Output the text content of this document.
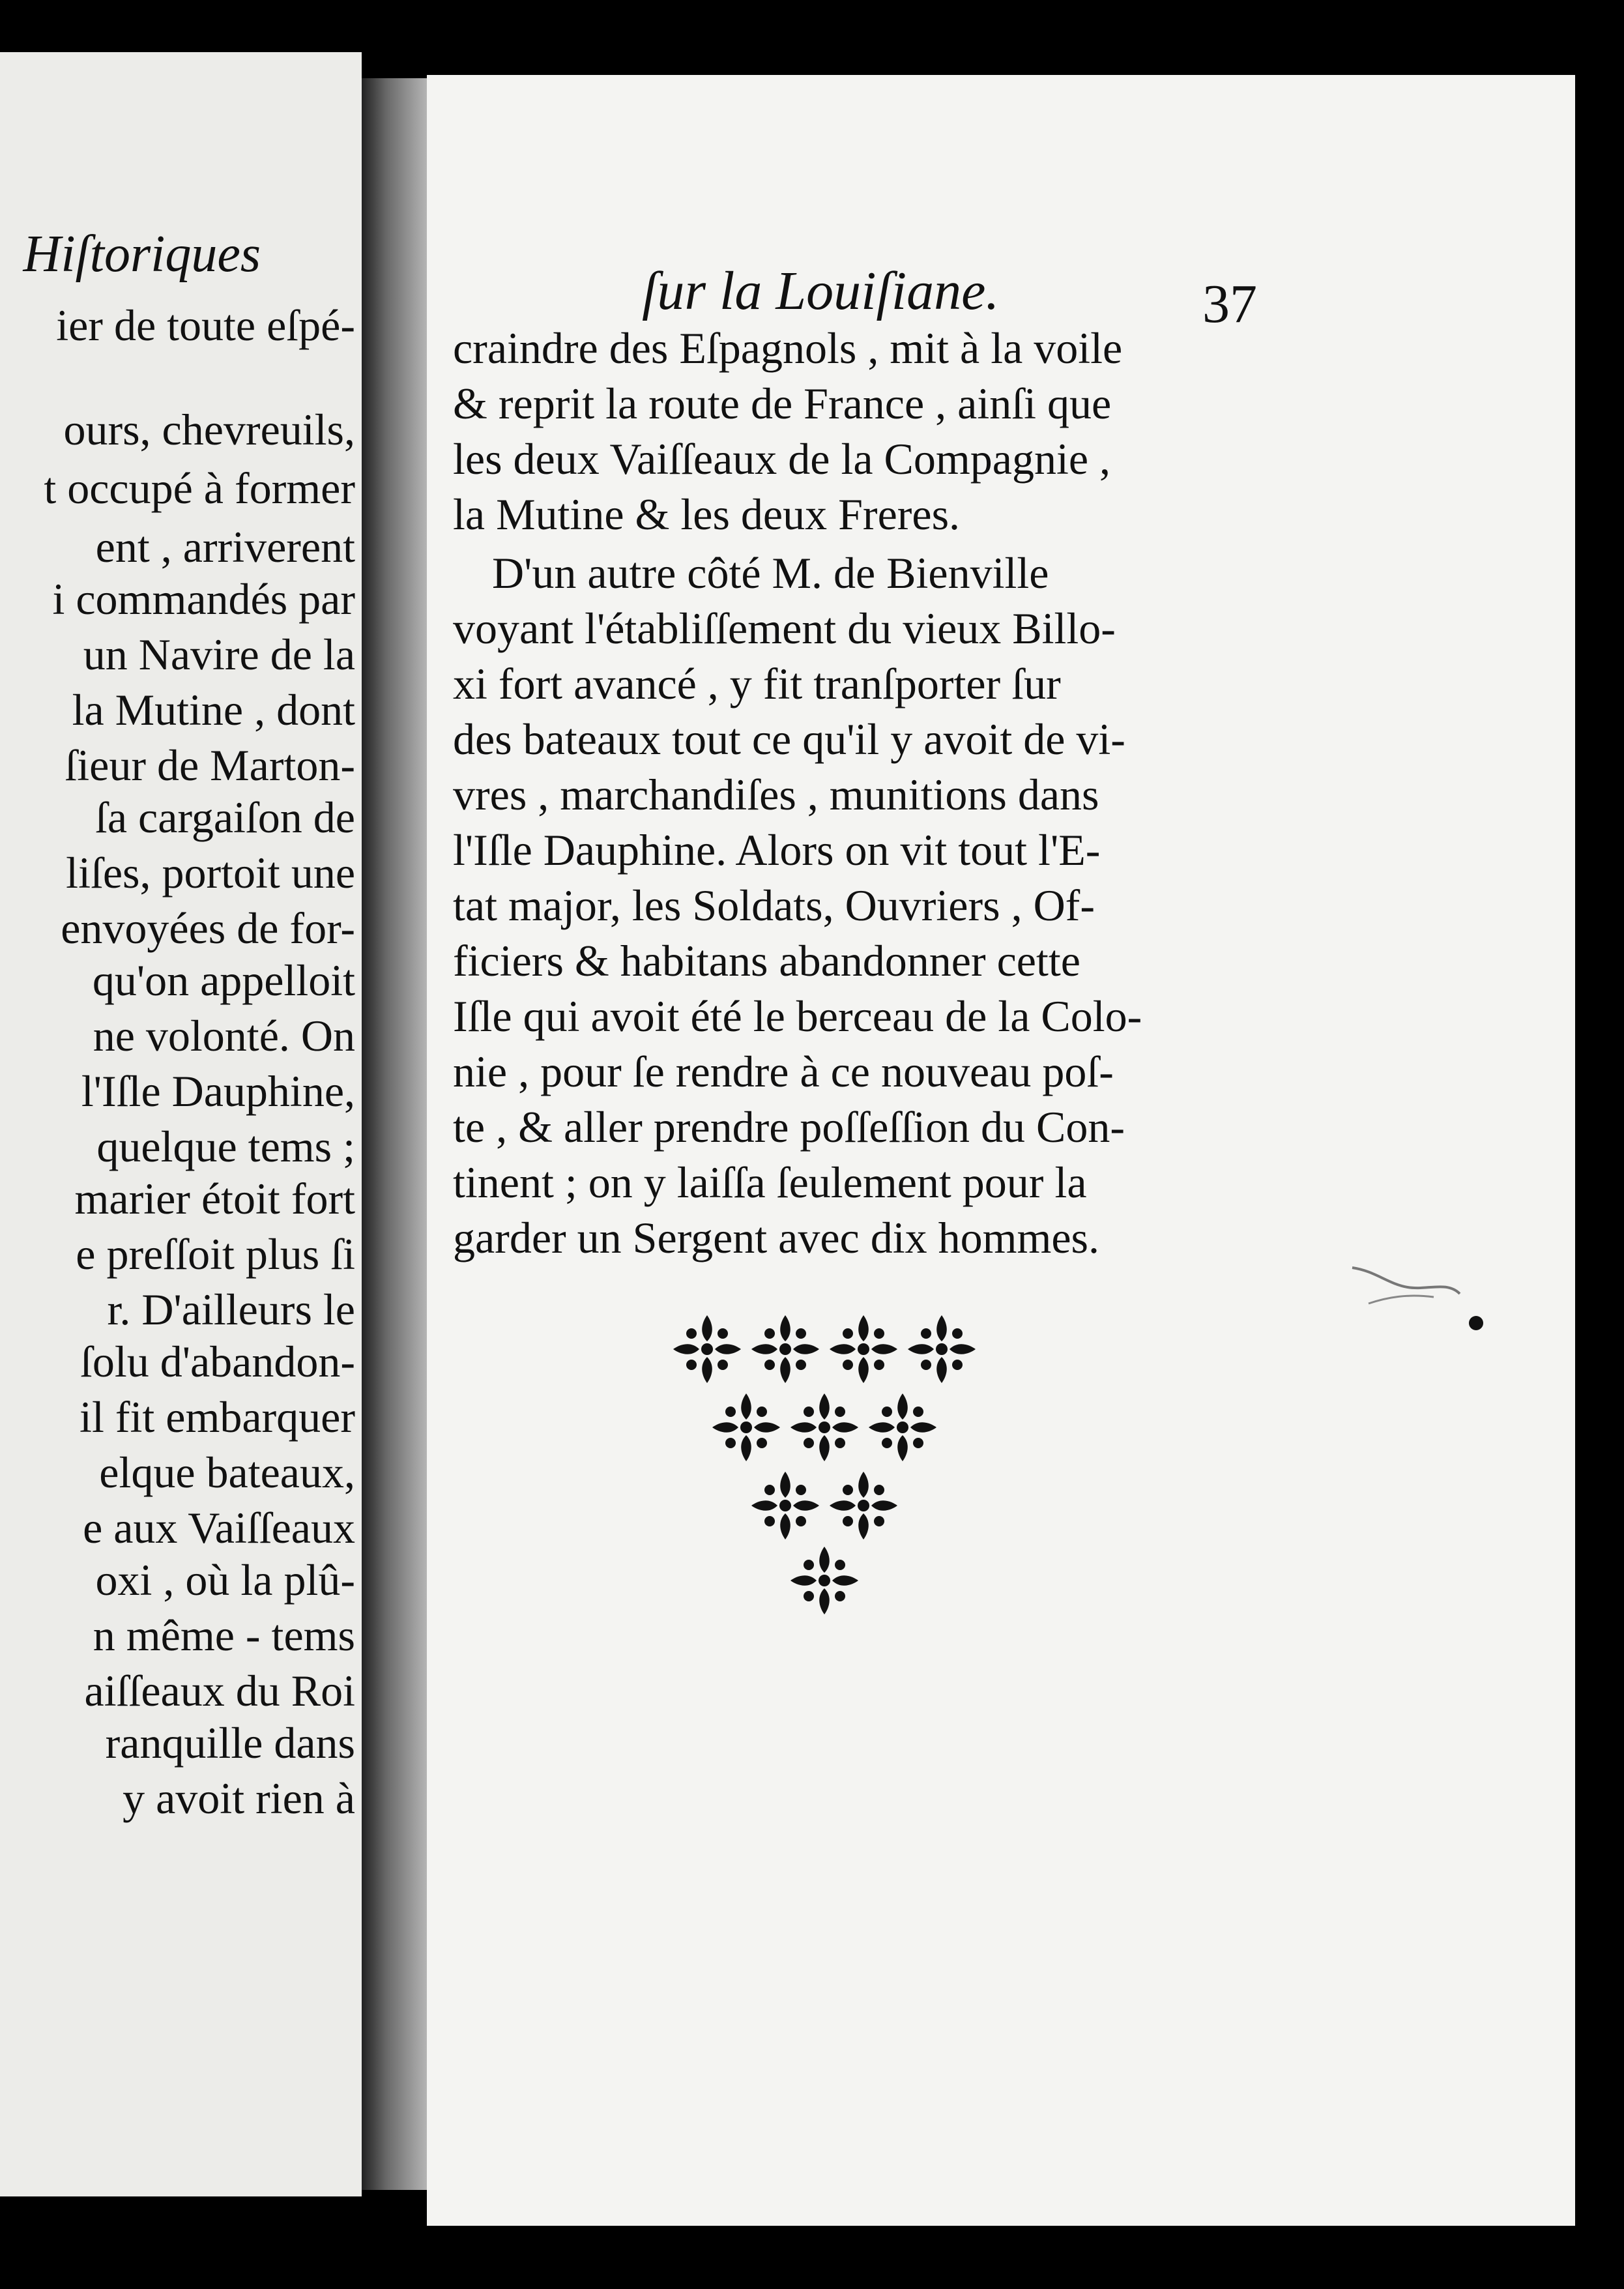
Hiſtoriques
ier de toute eſpé-
ours, chevreuils,
t occupé à former
ent , arriverent
i commandés par
un Navire de la
la Mutine , dont
ſieur de Marton-
ſa cargaiſon de
liſes, portoit une
envoyées de for-
qu'on appelloit
ne volonté. On
l'Iſle Dauphine,
quelque tems ;
marier étoit fort
e preſſoit plus ſi
r. D'ailleurs le
ſolu d'abandon-
il fit embarquer
elque bateaux,
e aux Vaiſſeaux
oxi , où la plû-
n même - tems
aiſſeaux du Roi
ranquille dans
y avoit rien à
ſur la Louiſiane.	37
craindre des Eſpagnols , mit à la voile
& reprit la route de France , ainſi que
les deux Vaiſſeaux de la Compagnie ,
la Mutine & les deux Freres.
D'un autre côté M. de Bienville
voyant l'établiſſement du vieux Billo-
xi fort avancé , y fit tranſporter ſur
des bateaux tout ce qu'il y avoit de vi-
vres , marchandiſes , munitions dans
l'Iſle Dauphine. Alors on vit tout l'E-
tat major, les Soldats, Ouvriers , Of-
ficiers & habitans abandonner cette
Iſle qui avoit été le berceau de la Colo-
nie , pour ſe rendre à ce nouveau poſ-
te , & aller prendre poſſeſſion du Con-
tinent ; on y laiſſa ſeulement pour la
garder un Sergent avec dix hommes.
